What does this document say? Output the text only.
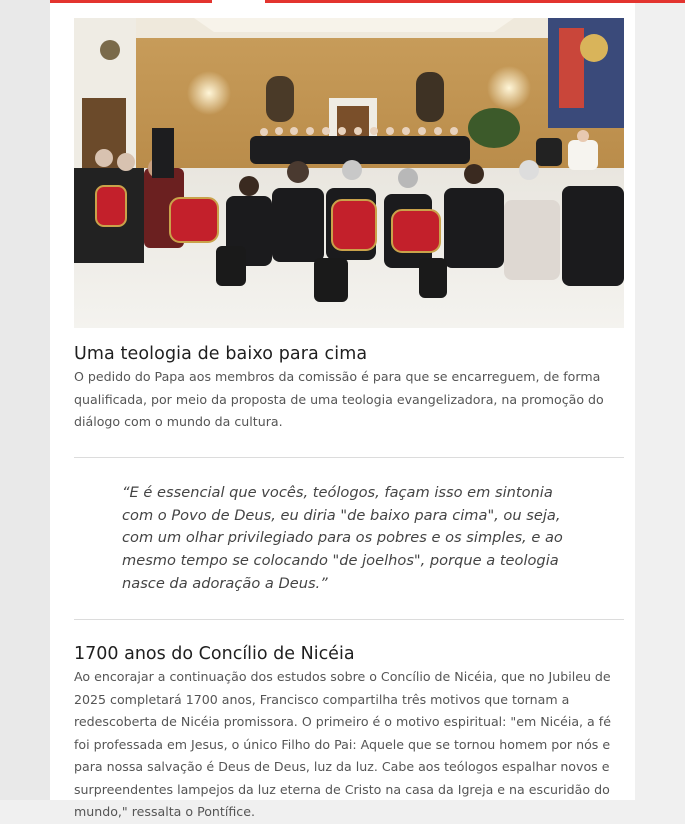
Uma teologia de baixo para cima

O pedido do Papa aos membros da comissão é para que se encarreguem, de forma qualificada, por meio da proposta de uma teologia evangelizadora, na promoção do diálogo com o mundo da cultura.

“E é essencial que vocês, teólogos, façam isso em sintonia com o Povo de Deus, eu diria "de baixo para cima", ou seja, com um olhar privilegiado para os pobres e os simples, e ao mesmo tempo se colocando "de joelhos", porque a teologia nasce da adoração a Deus.”
1700 anos do Concílio de Nicéia

Ao encorajar a continuação dos estudos sobre o Concílio de Nicéia, que no Jubileu de 2025 completará 1700 anos, Francisco compartilha três motivos que tornam a redescoberta de Nicéia promissora. O primeiro é o motivo espiritual: "em Nicéia, a fé foi professada em Jesus, o único Filho do Pai: Aquele que se tornou homem por nós e para nossa salvação é Deus de Deus, luz da luz. Cabe aos teólogos espalhar novos e surpreendentes lampejos da luz eterna de Cristo na casa da Igreja e na escuridão do mundo," ressalta o Pontífice.
